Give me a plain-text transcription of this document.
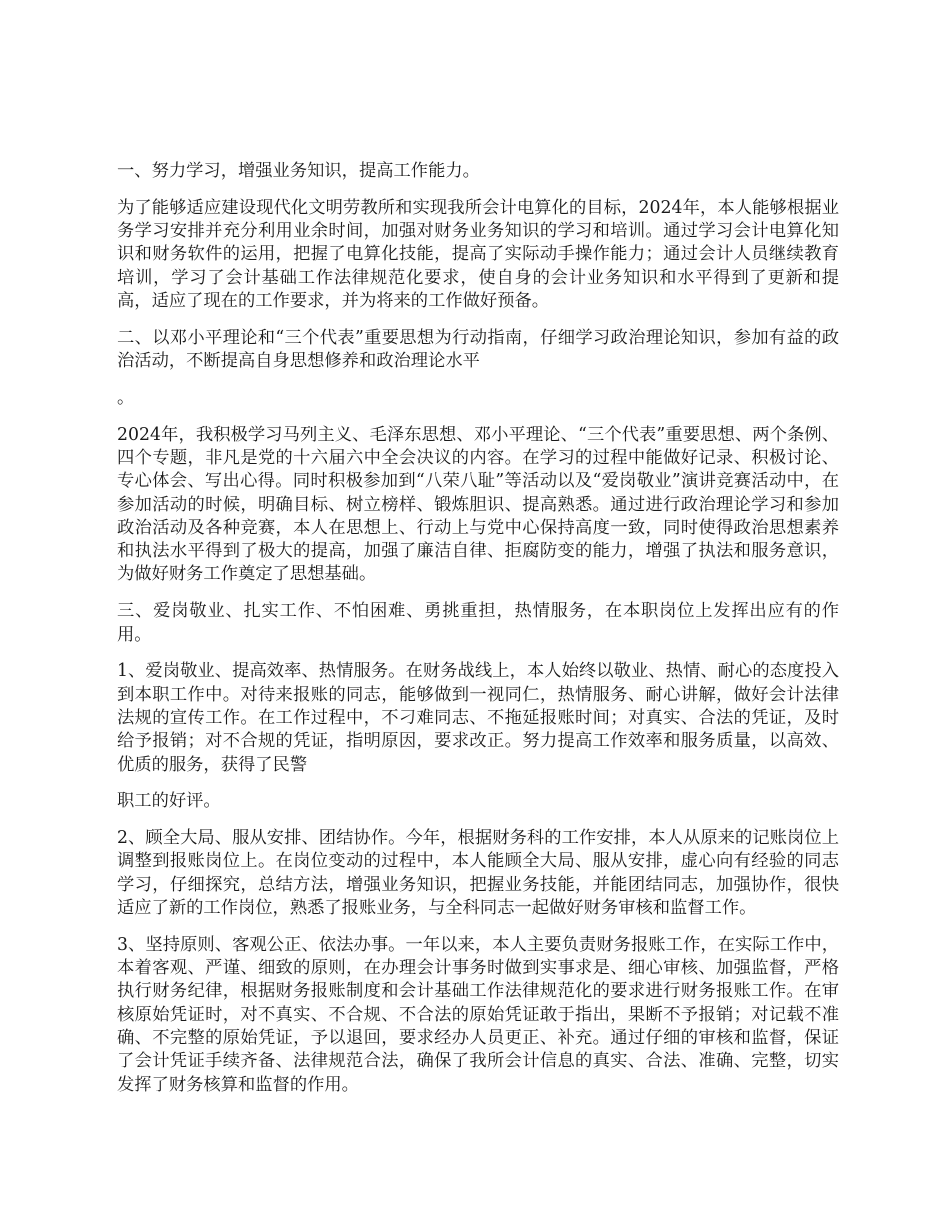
一、努力学习，增强业务知识，提高工作能力。

为了能够适应建设现代化文明劳教所和实现我所会计电算化的目标，2024年，本人能够根据业务学习安排并充分利用业余时间，加强对财务业务知识的学习和培训。通过学习会计电算化知识和财务软件的运用，把握了电算化技能，提高了实际动手操作能力；通过会计人员继续教育培训，学习了会计基础工作法律规范化要求，使自身的会计业务知识和水平得到了更新和提高，适应了现在的工作要求，并为将来的工作做好预备。

二、以邓小平理论和“三个代表”重要思想为行动指南，仔细学习政治理论知识，参加有益的政治活动，不断提高自身思想修养和政治理论水平

。

2024年，我积极学习马列主义、毛泽东思想、邓小平理论、“三个代表”重要思想、两个条例、四个专题，非凡是党的十六届六中全会决议的内容。在学习的过程中能做好记录、积极讨论、专心体会、写出心得。同时积极参加到“八荣八耻”等活动以及“爱岗敬业”演讲竞赛活动中，在参加活动的时候，明确目标、树立榜样、锻炼胆识、提高熟悉。通过进行政治理论学习和参加政治活动及各种竞赛，本人在思想上、行动上与党中心保持高度一致，同时使得政治思想素养和执法水平得到了极大的提高，加强了廉洁自律、拒腐防变的能力，增强了执法和服务意识，为做好财务工作奠定了思想基础。

三、爱岗敬业、扎实工作、不怕困难、勇挑重担，热情服务，在本职岗位上发挥出应有的作用。

1、爱岗敬业、提高效率、热情服务。在财务战线上，本人始终以敬业、热情、耐心的态度投入到本职工作中。对待来报账的同志，能够做到一视同仁，热情服务、耐心讲解，做好会计法律法规的宣传工作。在工作过程中，不刁难同志、不拖延报账时间；对真实、合法的凭证，及时给予报销；对不合规的凭证，指明原因，要求改正。努力提高工作效率和服务质量，以高效、优质的服务，获得了民警

职工的好评。

2、顾全大局、服从安排、团结协作。今年，根据财务科的工作安排，本人从原来的记账岗位上调整到报账岗位上。在岗位变动的过程中，本人能顾全大局、服从安排，虚心向有经验的同志学习，仔细探究，总结方法，增强业务知识，把握业务技能，并能团结同志，加强协作，很快适应了新的工作岗位，熟悉了报账业务，与全科同志一起做好财务审核和监督工作。

3、坚持原则、客观公正、依法办事。一年以来，本人主要负责财务报账工作，在实际工作中，本着客观、严谨、细致的原则，在办理会计事务时做到实事求是、细心审核、加强监督，严格执行财务纪律，根据财务报账制度和会计基础工作法律规范化的要求进行财务报账工作。在审核原始凭证时，对不真实、不合规、不合法的原始凭证敢于指出，果断不予报销；对记载不准确、不完整的原始凭证，予以退回，要求经办人员更正、补充。通过仔细的审核和监督，保证了会计凭证手续齐备、法律规范合法，确保了我所会计信息的真实、合法、准确、完整，切实发挥了财务核算和监督的作用。
